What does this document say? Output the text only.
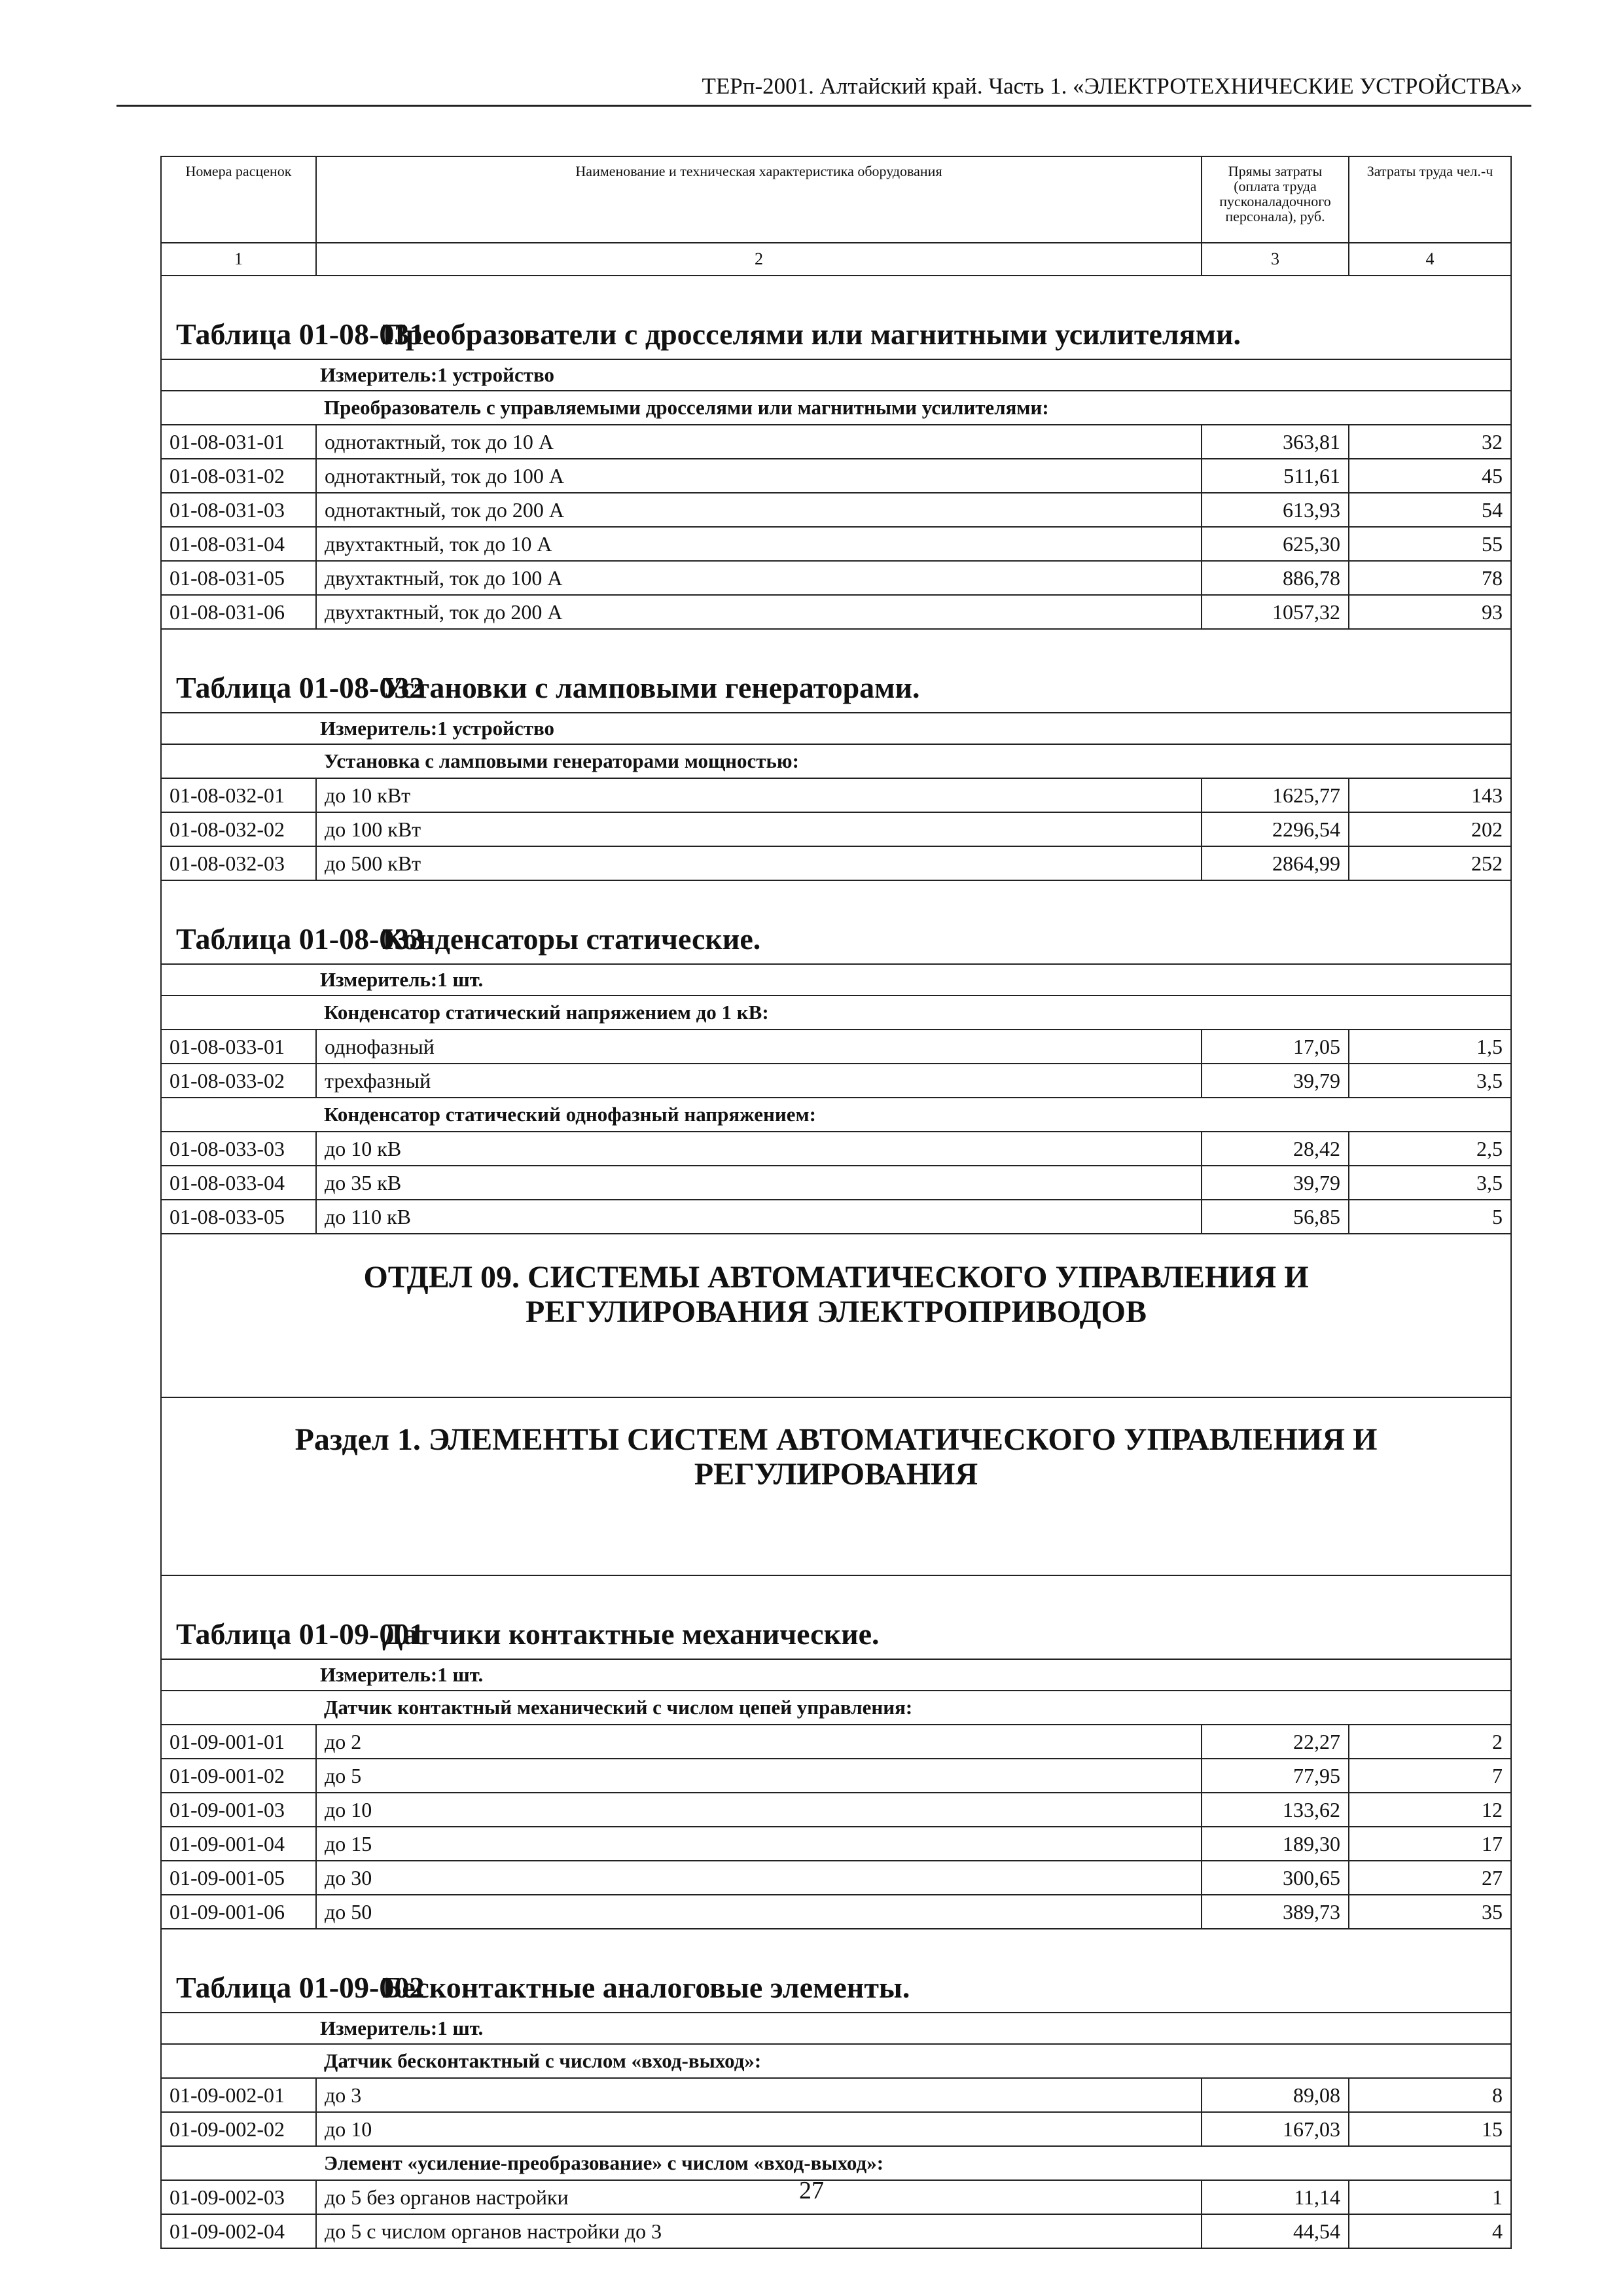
ТЕРп-2001. Алтайский край. Часть 1. «ЭЛЕКТРОТЕХНИЧЕСКИЕ УСТРОЙСТВА»
Номера расценок	Наименование и техническая характеристика оборудования	Прямы затраты (оплата труда пусконаладочного персонала), руб.	Затраты труда чел.-ч
1	2	3	4
Таблица 01-08-031Преобразователи с дросселями или магнитными усилителями.			
Измеритель:1 устройство			
	Преобразователь с управляемыми дросселями или магнитными усилителями:		
01-08-031-01	однотактный, ток до 10 А	363,81	32
01-08-031-02	однотактный, ток до 100 А	511,61	45
01-08-031-03	однотактный, ток до 200 А	613,93	54
01-08-031-04	двухтактный, ток до 10 А	625,30	55
01-08-031-05	двухтактный, ток до 100 А	886,78	78
01-08-031-06	двухтактный, ток до 200 А	1057,32	93
Таблица 01-08-032Установки с ламповыми генераторами.			
Измеритель:1 устройство			
	Установка с ламповыми генераторами мощностью:		
01-08-032-01	до 10 кВт	1625,77	143
01-08-032-02	до 100 кВт	2296,54	202
01-08-032-03	до 500 кВт	2864,99	252
Таблица 01-08-033Конденсаторы статические.			
Измеритель:1 шт.			
	Конденсатор статический напряжением до 1 кВ:		
01-08-033-01	однофазный	17,05	1,5
01-08-033-02	трехфазный	39,79	3,5
	Конденсатор статический однофазный напряжением:		
01-08-033-03	до 10 кВ	28,42	2,5
01-08-033-04	до 35 кВ	39,79	3,5
01-08-033-05	до 110 кВ	56,85	5
ОТДЕЛ 09. СИСТЕМЫ АВТОМАТИЧЕСКОГО УПРАВЛЕНИЯ И РЕГУЛИРОВАНИЯ ЭЛЕКТРОПРИВОДОВ			
Раздел 1. ЭЛЕМЕНТЫ СИСТЕМ АВТОМАТИЧЕСКОГО УПРАВЛЕНИЯ И РЕГУЛИРОВАНИЯ			
Таблица 01-09-001Датчики контактные механические.			
Измеритель:1 шт.			
	Датчик контактный механический с числом цепей управления:		
01-09-001-01	до 2	22,27	2
01-09-001-02	до 5	77,95	7
01-09-001-03	до 10	133,62	12
01-09-001-04	до 15	189,30	17
01-09-001-05	до 30	300,65	27
01-09-001-06	до 50	389,73	35
Таблица 01-09-002Бесконтактные аналоговые элементы.			
Измеритель:1 шт.			
	Датчик бесконтактный с числом «вход-выход»:		
01-09-002-01	до 3	89,08	8
01-09-002-02	до 10	167,03	15
	Элемент «усиление-преобразование» с числом «вход-выход»:		
01-09-002-03	до 5 без органов настройки	11,14	1
01-09-002-04	до 5 с числом органов настройки до 3	44,54	4
27
